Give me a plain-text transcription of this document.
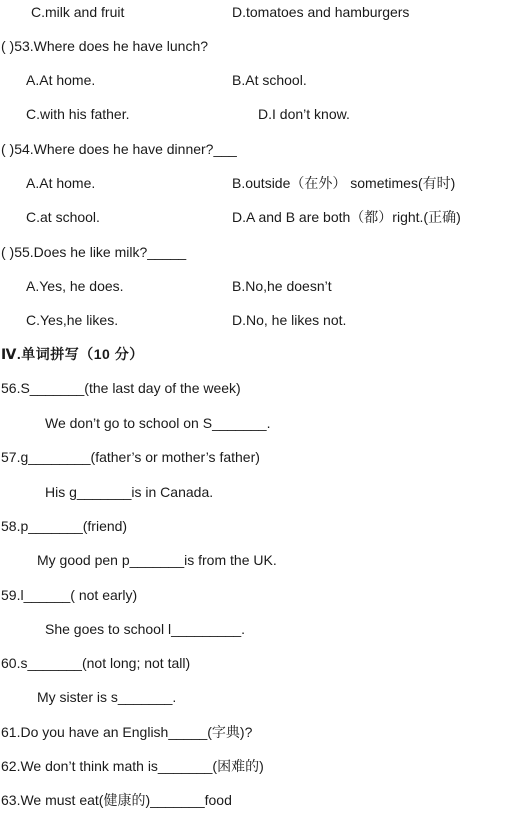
C.milk and fruit	D.tomatoes and hamburgers
( )53.Where does he have lunch?
A.At home.	B.At school.
C.with his father.	D.I don’t know.
( )54.Where does he have dinner?___
A.At home.	B.outside（在外） sometimes(有时)
C.at school.	D.A and B are both（都）right.(正确)
( )55.Does he like milk?_____
A.Yes, he does.	B.No,he doesn’t
C.Yes,he likes.	D.No, he likes not.
Ⅳ.单词拼写（10 分）
56.S_______(the last day of the week)
We don’t go to school on S_______.
57.g________(father’s or mother’s father)
His g_______is in Canada.
58.p_______(friend)
My good pen p_______is from the UK.
59.l______( not early)
She goes to school l_________.
60.s_______(not long; not tall)
My sister is s_______.
61.Do you have an English_____(字典)?
62.We don’t think math is_______(困难的)
63.We must eat(健康的)_______food
